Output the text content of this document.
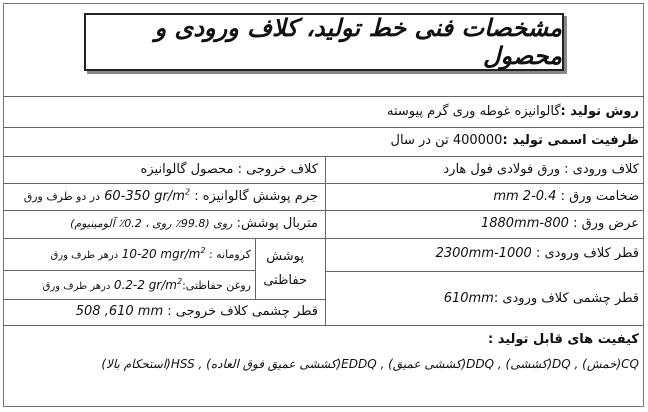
مشخصات فنی خط تولید، کلاف ورودی و محصول
روش تولید :گالوانیزه غوطه وری گرم پیوسته
ظرفیت اسمی تولید :400000 تن در سال
کلاف ورودی : ورق فولادی فول هارد
کلاف خروجی : محصول گالوانیزه
ضخامت ورق : 0.4-2 mm
جرم پوشش گالوانیزه : 60-350 $gr/m^2$ در دو طرف ورق
عرض ورق : 800-1880mm
متربال پوشش: روی (99.8٪ روی ، 0.2٪ آلومینیوم)
پوشش
حفاظتی
کرومانه : 10-20 mgr/$m^2$ درهر طرف ورق
روغن حفاظتی:0.2-2 $gr/m^2$ درهر طرف ورق
قطر کلاف ورودی : 1000-2300mm
قطر چشمی کلاف ورودی :610mm
قطر چشمی کلاف خروجی : 508 ,610 mm
کیفیت های قابل تولید :
CQ(خمش) , DQ(کششی) , DDQ(کششی عمیق) , EDDQ(کششی عمیق فوق العاده) , HSS(استحکام بالا)
